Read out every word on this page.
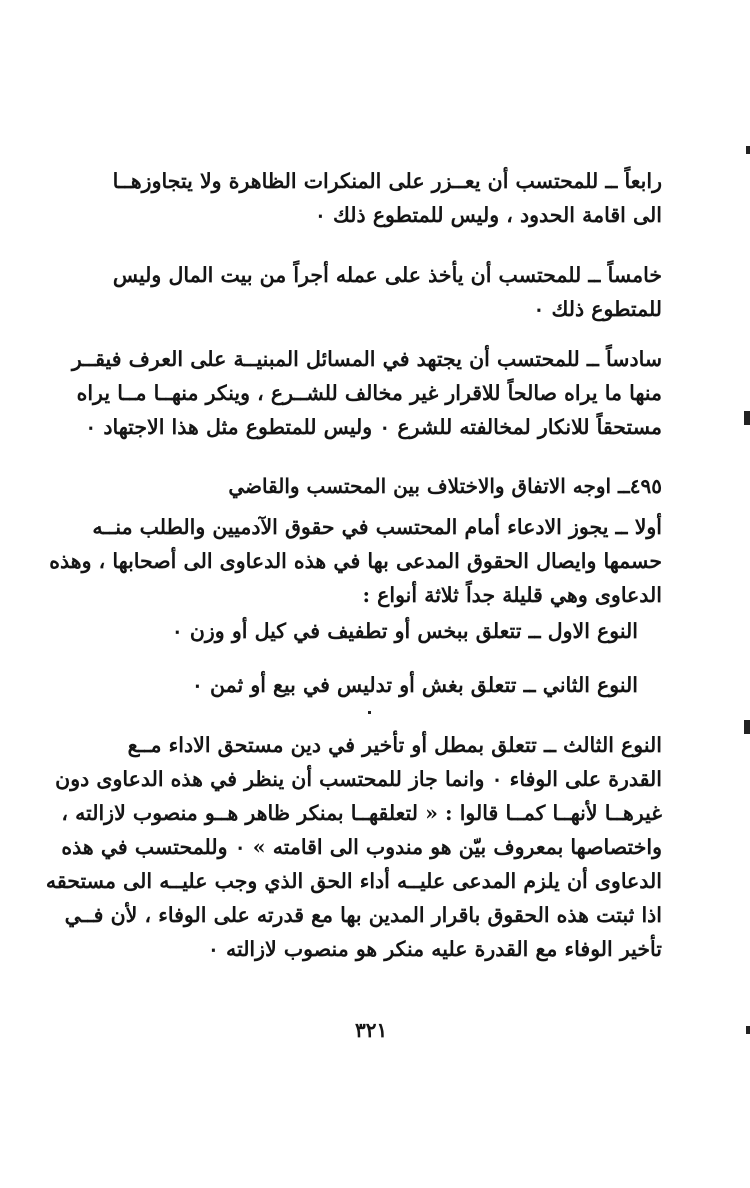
رابعاً ــ للمحتسب أن يعــزر على المنكرات الظاهرة ولا يتجاوزهــا
الى اقامة الحدود ، وليس للمتطوع ذلك ٠
خامساً ــ للمحتسب أن يأخذ على عمله أجراً من بيت المال وليس
للمتطوع ذلك ٠
سادساً ــ للمحتسب أن يجتهد في المسائل المبنيــة على العرف فيقــر
منها ما يراه صالحاً للاقرار غير مخالف للشــرع ، وينكر منهــا مــا يراه
مستحقاً للانكار لمخالفته للشرع ٠ وليس للمتطوع مثل هذا الاجتهاد ٠
٤٩٥ــ اوجه الاتفاق والاختلاف بين المحتسب والقاضي
أولا ــ يجوز الادعاء أمام المحتسب في حقوق الآدميين والطلب منــه
حسمها وايصال الحقوق المدعى بها في هذه الدعاوى الى أصحابها ، وهذه
الدعاوى وهي قليلة جداً ثلاثة أنواع :
النوع الاول ــ تتعلق ببخس أو تطفيف في كيل أو وزن ٠
النوع الثاني ــ تتعلق بغش أو تدليس في بيع أو ثمن ٠
النوع الثالث ــ تتعلق بمطل أو تأخير في دين مستحق الاداء مــع
القدرة على الوفاء ٠ وانما جاز للمحتسب أن ينظر في هذه الدعاوى دون
غيرهــا لأنهــا كمــا قالوا : « لتعلقهــا بمنكر ظاهر هــو منصوب لازالته ،
واختصاصها بمعروف بيّن هو مندوب الى اقامته » ٠ وللمحتسب في هذه
الدعاوى أن يلزم المدعى عليــه أداء الحق الذي وجب عليــه الى مستحقه
اذا ثبتت هذه الحقوق باقرار المدين بها مع قدرته على الوفاء ، لأن فــي
تأخير الوفاء مع القدرة عليه منكر هو منصوب لازالته ٠
٣٢١
